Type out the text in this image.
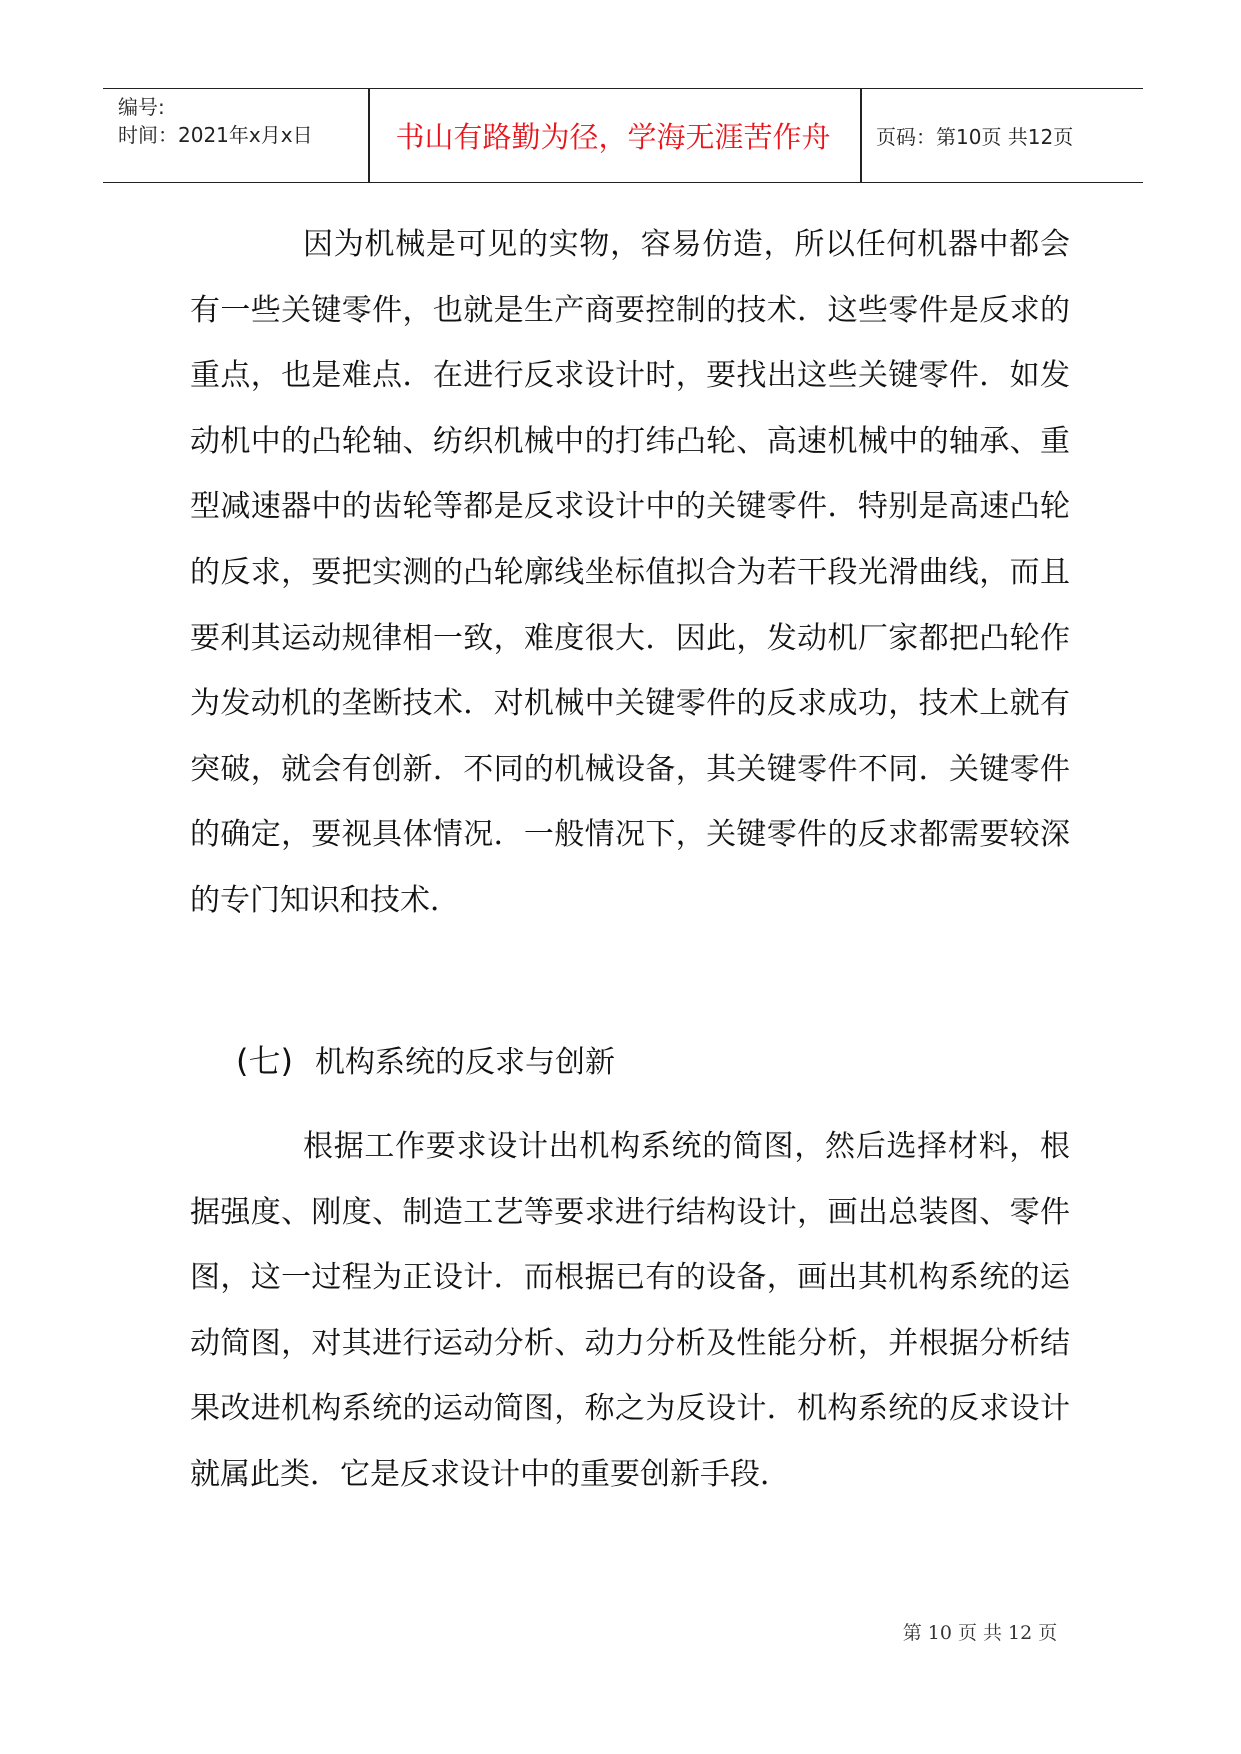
编号:
时间：2021年x月x日	书山有路勤为径，学海无涯苦作舟	页码：第10页 共12页
因为机械是可见的实物，容易仿造，所以任何机器中都会有一些关键零件，也就是生产商要控制的技术．这些零件是反求的重点，也是难点．在进行反求设计时，要找出这些关键零件．如发动机中的凸轮轴、纺织机械中的打纬凸轮、高速机械中的轴承、重型减速器中的齿轮等都是反求设计中的关键零件．特别是高速凸轮的反求，要把实测的凸轮廓线坐标值拟合为若干段光滑曲线，而且要利其运动规律相一致，难度很大．因此，发动机厂家都把凸轮作为发动机的垄断技术．对机械中关键零件的反求成功，技术上就有突破，就会有创新．不同的机械设备，其关键零件不同．关键零件的确定，要视具体情况．一般情况下，关键零件的反求都需要较深的专门知识和技术．
(七) 机构系统的反求与创新
根据工作要求设计出机构系统的简图，然后选择材料，根据强度、刚度、制造工艺等要求进行结构设计，画出总装图、零件图，这一过程为正设计．而根据已有的设备，画出其机构系统的运动简图，对其进行运动分析、动力分析及性能分析，并根据分析结果改进机构系统的运动简图，称之为反设计．机构系统的反求设计就属此类．它是反求设计中的重要创新手段．
第 10 页 共 12 页
